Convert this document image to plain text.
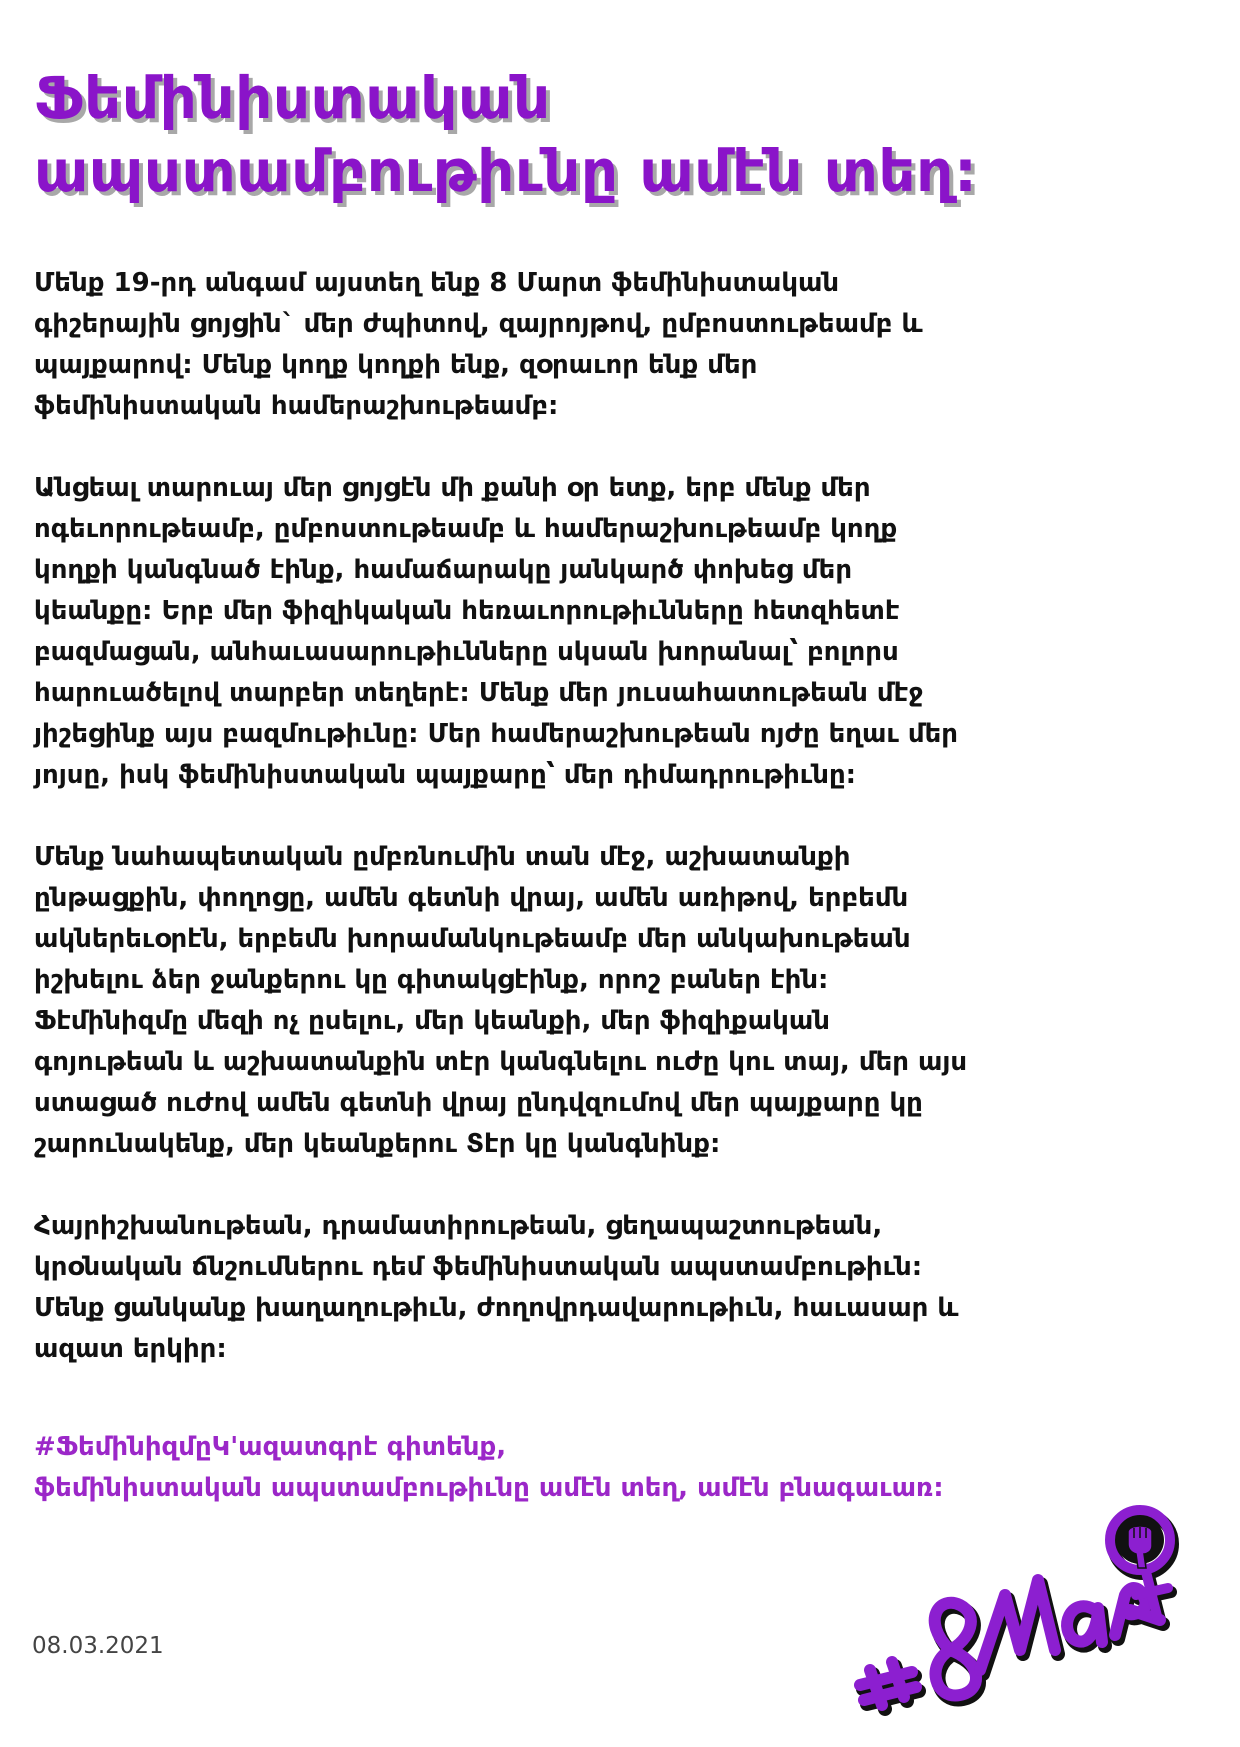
Ֆեմինիստական
ապստամբութիւնը ամէն տեղ:

Մենք 19-րդ անգամ այստեղ ենք 8 Մարտ ֆեմինիստական
գիշերային ցոյցին` մեր ժպիտով, զայրոյթով, ըմբոստութեամբ և
պայքարով: Մենք կողք կողքի ենք, զօրաւոր ենք մեր
ֆեմինիստական համերաշխութեամբ:

Անցեալ տարուայ մեր ցոյցէն մի քանի օր ետք, երբ մենք մեր
ոգեւորութեամբ, ըմբոստութեամբ և համերաշխութեամբ կողք
կողքի կանգնած էինք, համաճարակը յանկարծ փոխեց մեր
կեանքը: Երբ մեր ֆիզիկական հեռաւորութիւնները հետզհետէ
բազմացան, անհաւասարութիւնները սկսան խորանալ՝ բոլորս
հարուածելով տարբեր տեղերէ: Մենք մեր յուսահատութեան մէջ
յիշեցինք այս բազմութիւնը: Մեր համերաշխութեան ոյժը եղաւ մեր
յոյսը, իսկ ֆեմինիստական պայքարը՝ մեր դիմադրութիւնը:

Մենք նահապետական ըմբռնումին տան մէջ, աշխատանքի
ընթացքին, փողոցը, ամեն գետնի վրայ, ամեն առիթով, երբեմն
ակներեւօրէն, երբեմն խորամանկութեամբ մեր անկախութեան
իշխելու ձեր ջանքերու կը գիտակցէինք, որոշ բաներ էին:
Ֆէմինիզմը մեզի ոչ ըսելու, մեր կեանքի, մեր ֆիզիքական
գոյութեան և աշխատանքին տէր կանգնելու ուժը կու տայ, մեր այս
ստացած ուժով ամեն գետնի վրայ ընդվզումով մեր պայքարը կը
շարունակենք, մեր կեանքերու Տէր կը կանգնինք:

Հայրիշխանութեան, դրամատիրութեան, ցեղապաշտութեան,
կրօնական ճնշումներու դեմ ֆեմինիստական ապստամբութիւն:
Մենք ցանկանք խաղաղութիւն, ժողովրդավարութիւն, հաւասար և
ազատ երկիր:

#ՖեմինիզմըԿ'ազատգրէ գիտենք,
ֆեմինիստական ապստամբութիւնը ամէն տեղ, ամէն բնագաւառ:
08.03.2021
